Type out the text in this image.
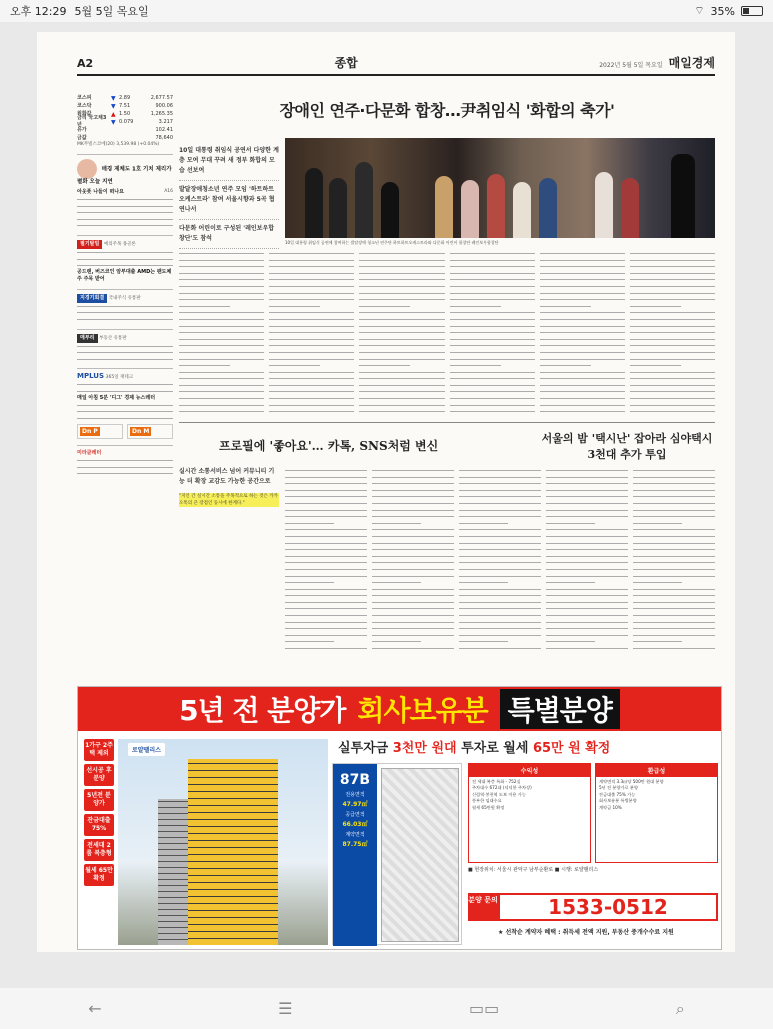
오후 12:29 5월 5일 목요일	⌔ 35%
A2	종합	2022년 5월 5일 목요일 매일경제
코스피	▼ 2.89	2,677.57
코스닥	▼ 7.51	900.06
원화값	▲ 1.50	1,265.35
금리 국고채3년	▼ 0.079	3.217
유가	102.41
금값	78,640
MK무빌스코에(20) 3,539.98 (+0.04%)
매경 제체도 1호 기치 제리가 펼화 오늘 지연
아웃풋 나들이 떠나요	A16
필기탈밀 예의주목 몽골론
공드랜, 버즈코인 암부대출 AMD는 팬도체주 주목 받어
지경기회결 국내주식 유통판
매부리 부동산 유통판
MPLUS 365일 재테크
매일 아침 5분 '디그' 경제 뉴스레터
Dn P	Dn M
미라클레터
장애인 연주·다문화 합창…尹취임식 '화합의 축가'

10일 대통령 취임식 공연서 다양한 계층 모여 무대 꾸려 새 정부 화합의 모습 선보여

발달장애청소년 연주 모임 '하트하트오케스트라' 참여 서울시향과 5곡 협연나서

다문화 어린이로 구성된 '레인보우합창단'도 참석

10일 대통령 취임식 공연에 참여하는 발달장애 청소년 연주단 하트하트오케스트라와 다문화 어린이 합창단 레인보우합창단
프로필에 '좋아요'… 카톡, SNS처럼 변신
서울의 밤 '택시난' 잡아라 심야택시 3천대 추가 투입

실시간 소통서비스 넘어 커뮤니티 기능 더 확장 교감도 가능한 공간으로

"지인 간 실시간 소통을 주목적으로 하는 것은 카카오톡의 큰 장점인 동시에 한계다."

5년 전 분양가 회사보유분 특별분양
1가구 2주택 제외
선시공 후 분양
5년전 분양가
잔금대출 75%
전세대 2룸 복층형
월세 65만 확정
로얄팰리스	실투자금 3천만 원대 투자로 월세 65만 원 확정
87B
전용면적
47.97㎡
공급면적
66.03㎡
계약면적
87.75㎡
수익성
전 세대 복층 특화 - 752실
주차대수 672대 (넉넉한 주차장)
신림역·봉천역 도보 이용 가능
풍부한 임대수요
월세 65만원 확정
환급성
계약면적 3.3㎡당 500만 원대 분양
5년 전 분양가로 분양
잔금대출 75% 가능
회사보유분 특별분양
계약금 10%
■ 현장위치: 서울시 관악구 남부순환로 ■ 시행: 로얄팰리스
분양 문의	1533-0512
★ 선착순 계약자 혜택 : 취득세 전액 지원, 부동산 중개수수료 지원
←	☰	▭▭	⌕
